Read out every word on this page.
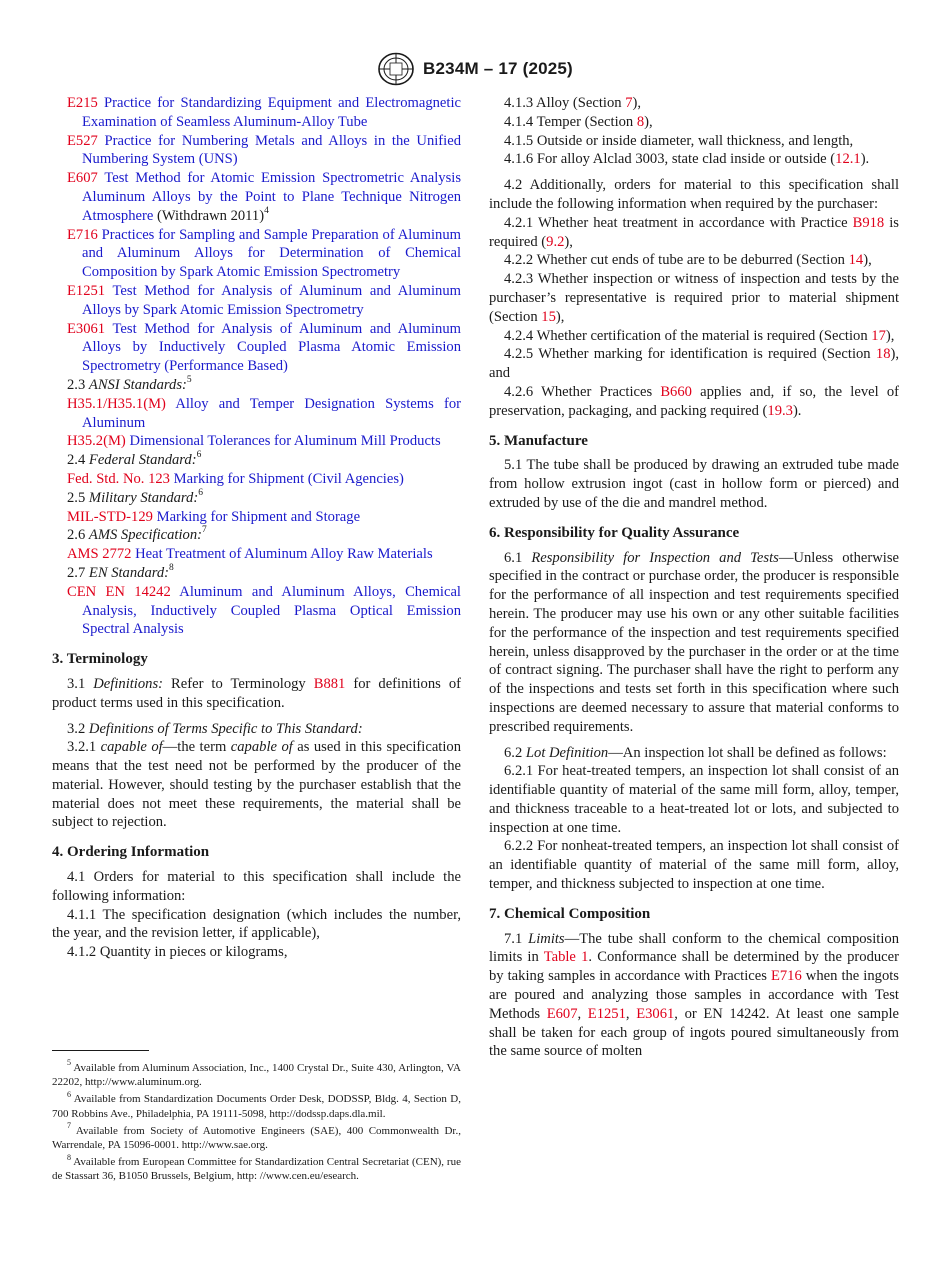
B234M – 17 (2025)

E215 Practice for Standardizing Equipment and Electromagnetic Examination of Seamless Aluminum-Alloy Tube

E527 Practice for Numbering Metals and Alloys in the Unified Numbering System (UNS)

E607 Test Method for Atomic Emission Spectrometric Analysis Aluminum Alloys by the Point to Plane Technique Nitrogen Atmosphere (Withdrawn 2011)$^4$

E716 Practices for Sampling and Sample Preparation of Aluminum and Aluminum Alloys for Determination of Chemical Composition by Spark Atomic Emission Spectrometry

E1251 Test Method for Analysis of Aluminum and Aluminum Alloys by Spark Atomic Emission Spectrometry

E3061 Test Method for Analysis of Aluminum and Aluminum Alloys by Inductively Coupled Plasma Atomic Emission Spectrometry (Performance Based)

2.3 ANSI Standards:$^5$

H35.1/H35.1(M) Alloy and Temper Designation Systems for Aluminum

H35.2(M) Dimensional Tolerances for Aluminum Mill Products

2.4 Federal Standard:$^6$

Fed. Std. No. 123 Marking for Shipment (Civil Agencies)

2.5 Military Standard:$^6$

MIL-STD-129 Marking for Shipment and Storage

2.6 AMS Specification:$^7$

AMS 2772 Heat Treatment of Aluminum Alloy Raw Materials

2.7 EN Standard:$^8$

CEN EN 14242 Aluminum and Aluminum Alloys, Chemical Analysis, Inductively Coupled Plasma Optical Emission Spectral Analysis

3. Terminology

3.1 Definitions: Refer to Terminology B881 for definitions of product terms used in this specification.

3.2 Definitions of Terms Specific to This Standard:

3.2.1 capable of—the term capable of as used in this specification means that the test need not be performed by the producer of the material. However, should testing by the purchaser establish that the material does not meet these requirements, the material shall be subject to rejection.

4. Ordering Information

4.1 Orders for material to this specification shall include the following information:

4.1.1 The specification designation (which includes the number, the year, and the revision letter, if applicable),

4.1.2 Quantity in pieces or kilograms,

$^5$ Available from Aluminum Association, Inc., 1400 Crystal Dr., Suite 430, Arlington, VA 22202, http://www.aluminum.org.

$^6$ Available from Standardization Documents Order Desk, DODSSP, Bldg. 4, Section D, 700 Robbins Ave., Philadelphia, PA 19111-5098, http://dodssp.daps.dla.mil.

$^7$ Available from Society of Automotive Engineers (SAE), 400 Commonwealth Dr., Warrendale, PA 15096-0001. http://www.sae.org.

$^8$ Available from European Committee for Standardization Central Secretariat (CEN), rue de Stassart 36, B1050 Brussels, Belgium, http: //www.cen.eu/esearch.

4.1.3 Alloy (Section 7),

4.1.4 Temper (Section 8),

4.1.5 Outside or inside diameter, wall thickness, and length,

4.1.6 For alloy Alclad 3003, state clad inside or outside (12.1).

4.2 Additionally, orders for material to this specification shall include the following information when required by the purchaser:

4.2.1 Whether heat treatment in accordance with Practice B918 is required (9.2),

4.2.2 Whether cut ends of tube are to be deburred (Section 14),

4.2.3 Whether inspection or witness of inspection and tests by the purchaser’s representative is required prior to material shipment (Section 15),

4.2.4 Whether certification of the material is required (Section 17),

4.2.5 Whether marking for identification is required (Section 18), and

4.2.6 Whether Practices B660 applies and, if so, the level of preservation, packaging, and packing required (19.3).

5. Manufacture

5.1 The tube shall be produced by drawing an extruded tube made from hollow extrusion ingot (cast in hollow form or pierced) and extruded by use of the die and mandrel method.

6. Responsibility for Quality Assurance

6.1 Responsibility for Inspection and Tests—Unless otherwise specified in the contract or purchase order, the producer is responsible for the performance of all inspection and test requirements specified herein. The producer may use his own or any other suitable facilities for the performance of the inspection and test requirements specified herein, unless disapproved by the purchaser in the order or at the time of contract signing. The purchaser shall have the right to perform any of the inspections and tests set forth in this specification where such inspections are deemed necessary to assure that material conforms to prescribed requirements.

6.2 Lot Definition—An inspection lot shall be defined as follows:

6.2.1 For heat-treated tempers, an inspection lot shall consist of an identifiable quantity of material of the same mill form, alloy, temper, and thickness traceable to a heat-treated lot or lots, and subjected to inspection at one time.

6.2.2 For nonheat-treated tempers, an inspection lot shall consist of an identifiable quantity of material of the same mill form, alloy, temper, and thickness subjected to inspection at one time.

7. Chemical Composition

7.1 Limits—The tube shall conform to the chemical composition limits in Table 1. Conformance shall be determined by the producer by taking samples in accordance with Practices E716 when the ingots are poured and analyzing those samples in accordance with Test Methods E607, E1251, E3061, or EN 14242. At least one sample shall be taken for each group of ingots poured simultaneously from the same source of molten
